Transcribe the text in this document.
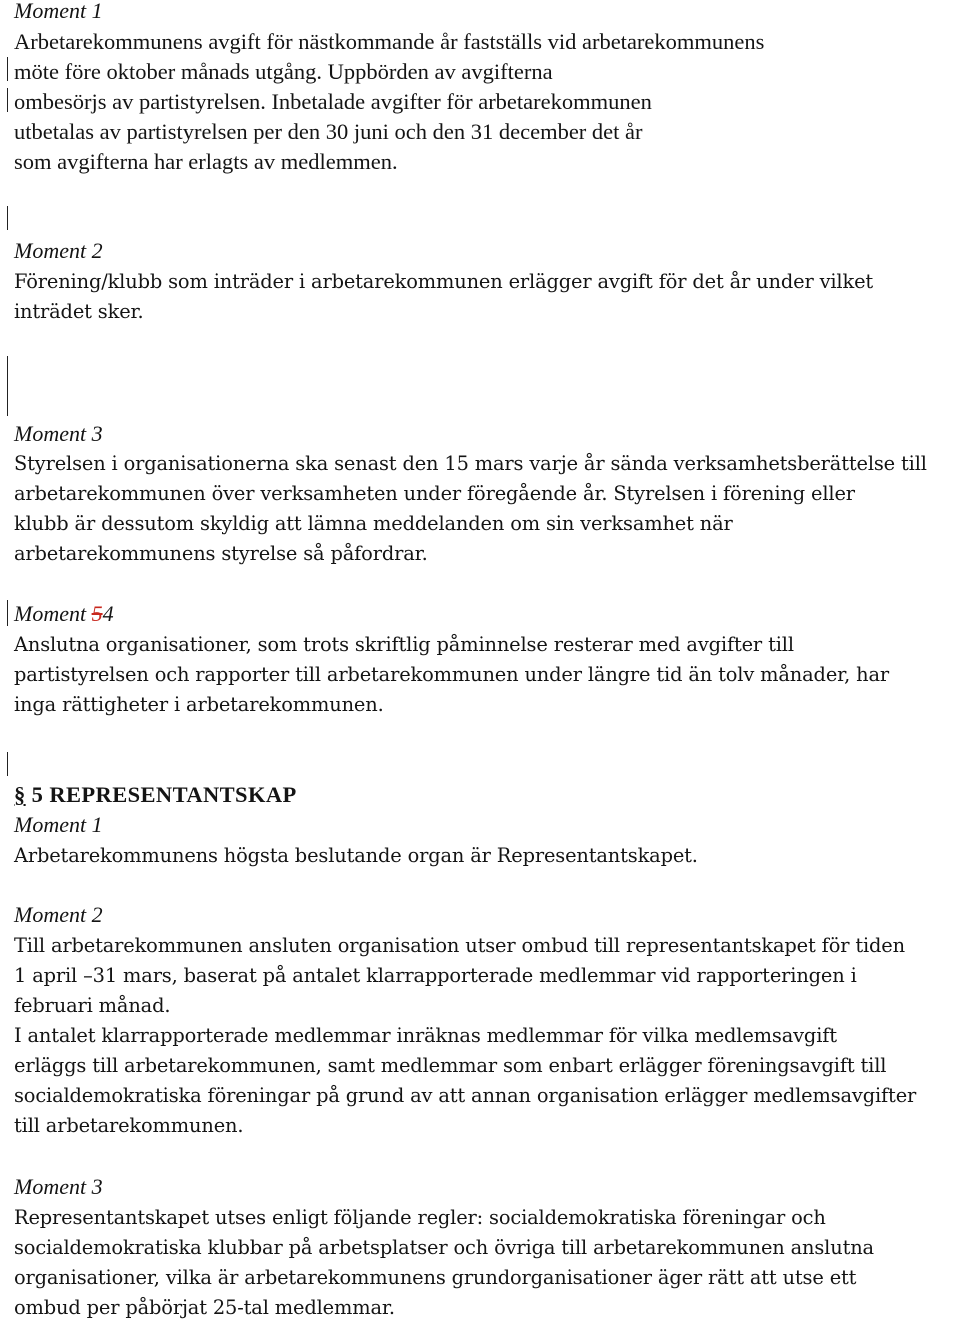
Moment 1
Arbetarekommunens avgift för nästkommande år fastställs vid arbetarekommunens
möte före oktober månads utgång. Uppbörden av avgifterna
ombesörjs av partistyrelsen. Inbetalade avgifter för arbetarekommunen
utbetalas av partistyrelsen per den 30 juni och den 31 december det år
som avgifterna har erlagts av medlemmen.
Moment 2
Förening/klubb som inträder i arbetarekommunen erlägger avgift för det år under vilket
inträdet sker.
Moment 3
Styrelsen i organisationerna ska senast den 15 mars varje år sända verksamhetsberättelse till
arbetarekommunen över verksamheten under föregående år. Styrelsen i förening eller
klubb är dessutom skyldig att lämna meddelanden om sin verksamhet när
arbetarekommunens styrelse så påfordrar.
Moment 54
Anslutna organisationer, som trots skriftlig påminnelse resterar med avgifter till
partistyrelsen och rapporter till arbetarekommunen under längre tid än tolv månader, har
inga rättigheter i arbetarekommunen.
§ 5 REPRESENTANTSKAP
Moment 1
Arbetarekommunens högsta beslutande organ är Representantskapet.
Moment 2
Till arbetarekommunen ansluten organisation utser ombud till representantskapet för tiden
1 april –31 mars, baserat på antalet klarrapporterade medlemmar vid rapporteringen i
februari månad.
I antalet klarrapporterade medlemmar inräknas medlemmar för vilka medlemsavgift
erläggs till arbetarekommunen, samt medlemmar som enbart erlägger föreningsavgift till
socialdemokratiska föreningar på grund av att annan organisation erlägger medlemsavgifter
till arbetarekommunen.
Moment 3
Representantskapet utses enligt följande regler: socialdemokratiska föreningar och
socialdemokratiska klubbar på arbetsplatser och övriga till arbetarekommunen anslutna
organisationer, vilka är arbetarekommunens grundorganisationer äger rätt att utse ett
ombud per påbörjat 25-tal medlemmar.
